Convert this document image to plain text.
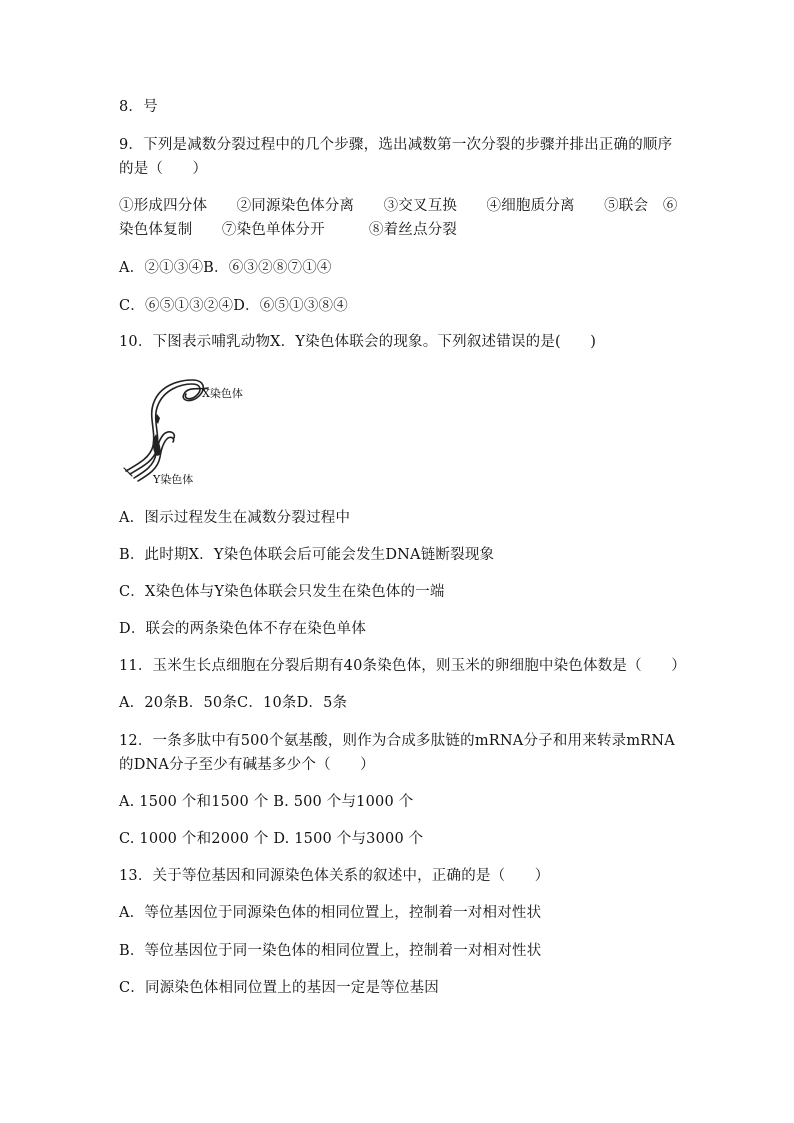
8．号
9．下列是减数分裂过程中的几个步骤，选出减数第一次分裂的步骤并排出正确的顺序
的是（　　）
①形成四分体　　②同源染色体分离　　③交叉互换　　④细胞质分离　　⑤联会　⑥
染色体复制　　⑦染色单体分开　　　⑧着丝点分裂
A．②①③④B．⑥③②⑧⑦①④
C．⑥⑤①③②④D．⑥⑤①③⑧④
10．下图表示哺乳动物X．Y染色体联会的现象。下列叙述错误的是(　　)
X染色体
Y染色体
A．图示过程发生在减数分裂过程中
B．此时期X．Y染色体联会后可能会发生DNA链断裂现象
C．X染色体与Y染色体联会只发生在染色体的一端
D．联会的两条染色体不存在染色单体
11．玉米生长点细胞在分裂后期有40条染色体，则玉米的卵细胞中染色体数是（　　）
A．20条B．50条C．10条D．5条
12．一条多肽中有500个氨基酸，则作为合成多肽链的mRNA分子和用来转录mRNA
的DNA分子至少有碱基多少个（　　）
A. 1500 个和1500 个 B. 500 个与1000 个
C. 1000 个和2000 个 D. 1500 个与3000 个
13．关于等位基因和同源染色体关系的叙述中，正确的是（　　）
A．等位基因位于同源染色体的相同位置上，控制着一对相对性状
B．等位基因位于同一染色体的相同位置上，控制着一对相对性状
C．同源染色体相同位置上的基因一定是等位基因
